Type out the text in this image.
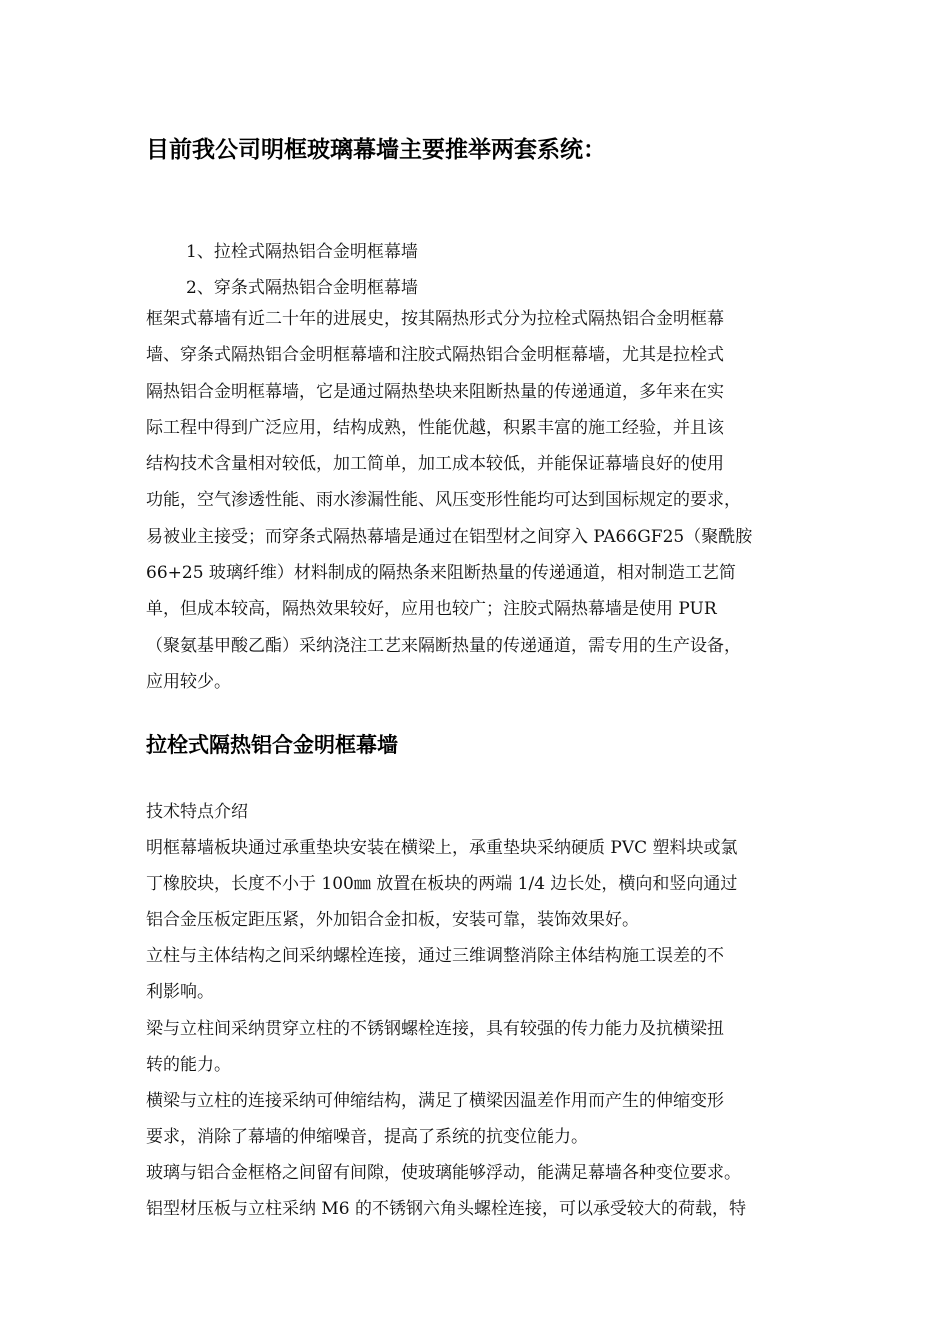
目前我公司明框玻璃幕墙主要推举两套系统：
1、拉栓式隔热铝合金明框幕墙
2、穿条式隔热铝合金明框幕墙
框架式幕墙有近二十年的进展史，按其隔热形式分为拉栓式隔热铝合金明框幕
墙、穿条式隔热铝合金明框幕墙和注胶式隔热铝合金明框幕墙，尤其是拉栓式
隔热铝合金明框幕墙，它是通过隔热垫块来阻断热量的传递通道，多年来在实
际工程中得到广泛应用，结构成熟，性能优越，积累丰富的施工经验，并且该
结构技术含量相对较低，加工简单，加工成本较低，并能保证幕墙良好的使用
功能，空气渗透性能、雨水渗漏性能、风压变形性能均可达到国标规定的要求，
易被业主接受；而穿条式隔热幕墙是通过在铝型材之间穿入 PA66GF25（聚酰胺
66+25 玻璃纤维）材料制成的隔热条来阻断热量的传递通道，相对制造工艺简
单，但成本较高，隔热效果较好，应用也较广；注胶式隔热幕墙是使用 PUR
（聚氨基甲酸乙酯）采纳浇注工艺来隔断热量的传递通道，需专用的生产设备，
应用较少。
拉栓式隔热铝合金明框幕墙
技术特点介绍
明框幕墙板块通过承重垫块安装在横梁上，承重垫块采纳硬质 PVC 塑料块或氯
丁橡胶块，长度不小于 100㎜ 放置在板块的两端 1/4 边长处，横向和竖向通过
铝合金压板定距压紧，外加铝合金扣板，安装可靠，装饰效果好。
立柱与主体结构之间采纳螺栓连接，通过三维调整消除主体结构施工误差的不
利影响。
梁与立柱间采纳贯穿立柱的不锈钢螺栓连接，具有较强的传力能力及抗横梁扭
转的能力。
横梁与立柱的连接采纳可伸缩结构，满足了横梁因温差作用而产生的伸缩变形
要求，消除了幕墙的伸缩噪音，提高了系统的抗变位能力。
玻璃与铝合金框格之间留有间隙，使玻璃能够浮动，能满足幕墙各种变位要求。
铝型材压板与立柱采纳 M6 的不锈钢六角头螺栓连接，可以承受较大的荷载，特
